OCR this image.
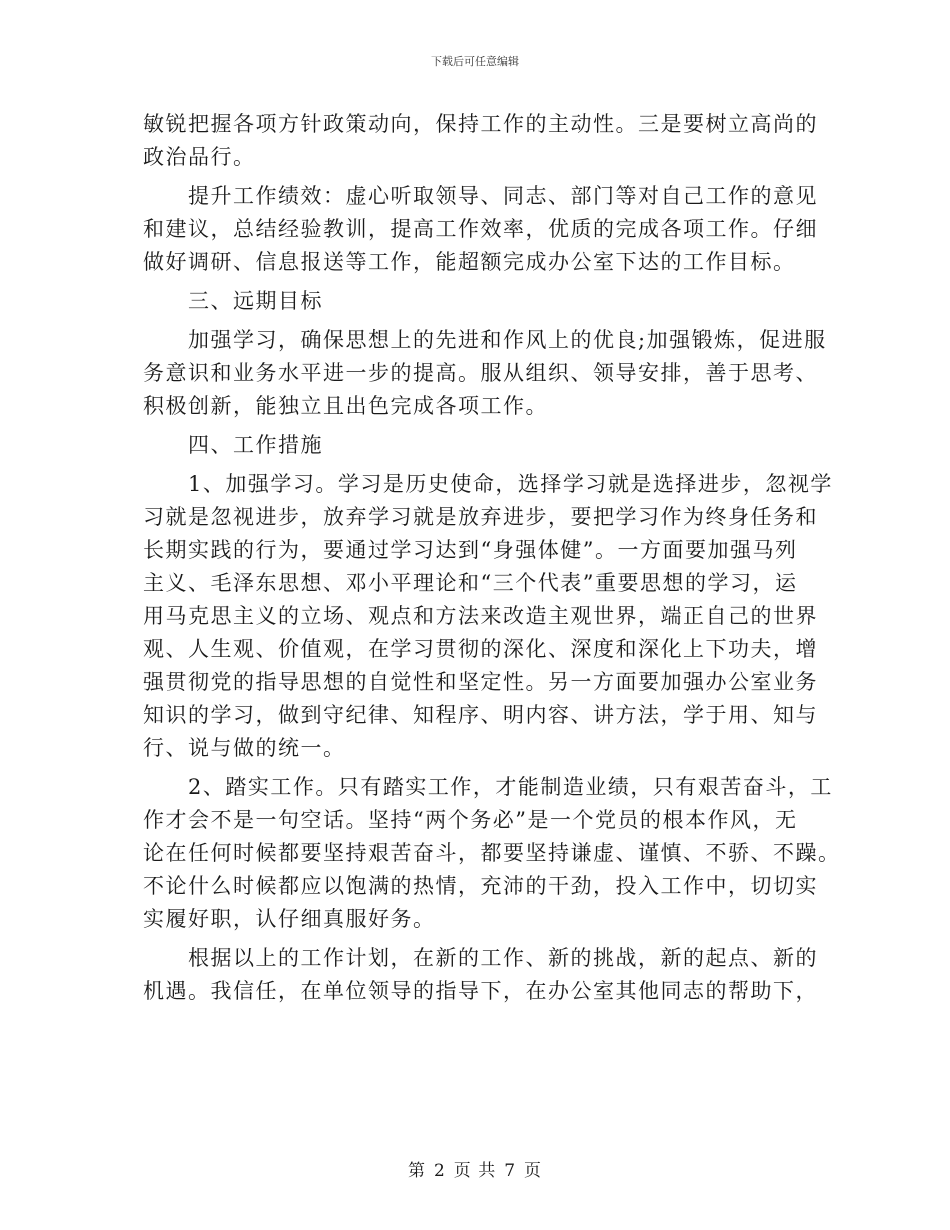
下载后可任意编辑
敏锐把握各项方针政策动向，保持工作的主动性。三是要树立高尚的
政治品行。
提升工作绩效：虚心听取领导、同志、部门等对自己工作的意见
和建议，总结经验教训，提高工作效率，优质的完成各项工作。仔细
做好调研、信息报送等工作，能超额完成办公室下达的工作目标。
三、远期目标
加强学习，确保思想上的先进和作风上的优良;加强锻炼，促进服
务意识和业务水平进一步的提高。服从组织、领导安排，善于思考、
积极创新，能独立且出色完成各项工作。
四、工作措施
1、加强学习。学习是历史使命，选择学习就是选择进步，忽视学
习就是忽视进步，放弃学习就是放弃进步，要把学习作为终身任务和
长期实践的行为，要通过学习达到“身强体健”。一方面要加强马列
主义、毛泽东思想、邓小平理论和“三个代表”重要思想的学习，运
用马克思主义的立场、观点和方法来改造主观世界，端正自己的世界
观、人生观、价值观，在学习贯彻的深化、深度和深化上下功夫，增
强贯彻党的指导思想的自觉性和坚定性。另一方面要加强办公室业务
知识的学习，做到守纪律、知程序、明内容、讲方法，学于用、知与
行、说与做的统一。
2、踏实工作。只有踏实工作，才能制造业绩，只有艰苦奋斗，工
作才会不是一句空话。坚持“两个务必”是一个党员的根本作风，无
论在任何时候都要坚持艰苦奋斗，都要坚持谦虚、谨慎、不骄、不躁。
不论什么时候都应以饱满的热情，充沛的干劲，投入工作中，切切实
实履好职，认仔细真服好务。
根据以上的工作计划，在新的工作、新的挑战，新的起点、新的
机遇。我信任，在单位领导的指导下，在办公室其他同志的帮助下，
第 2 页 共 7 页
